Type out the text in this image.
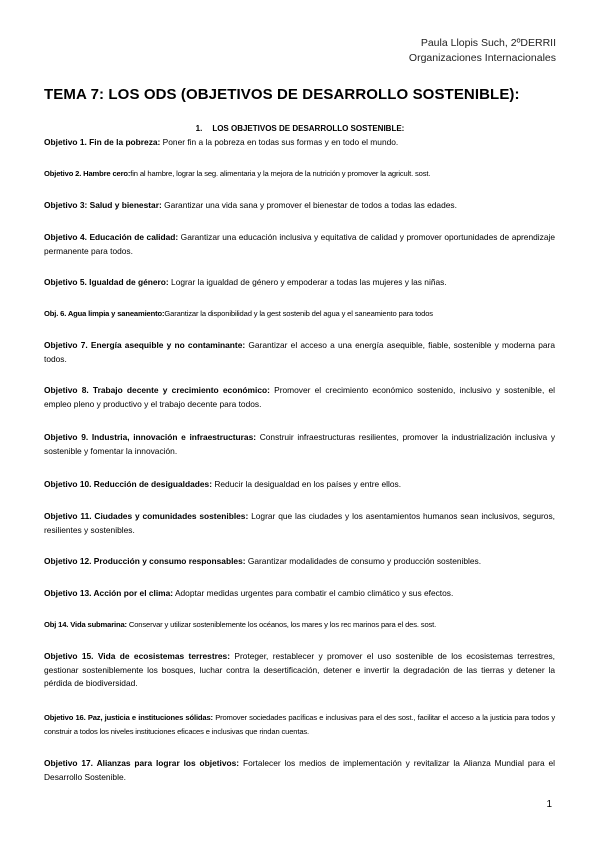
Paula Llopis Such, 2ºDERRII
Organizaciones Internacionales
TEMA 7: LOS ODS (OBJETIVOS DE DESARROLLO SOSTENIBLE):
1. LOS OBJETIVOS DE DESARROLLO SOSTENIBLE:

Objetivo 1. Fin de la pobreza: Poner fin a la pobreza en todas sus formas y en todo el mundo.

Objetivo 2. Hambre cero:fin al hambre, lograr la seg. alimentaria y la mejora de la nutrición y promover la agricult. sost.

Objetivo 3: Salud y bienestar: Garantizar una vida sana y promover el bienestar de todos a todas las edades.

Objetivo 4. Educación de calidad: Garantizar una educación inclusiva y equitativa de calidad y promover oportunidades de aprendizaje permanente para todos.

Objetivo 5. Igualdad de género: Lograr la igualdad de género y empoderar a todas las mujeres y las niñas.

Obj. 6. Agua limpia y saneamiento:Garantizar la disponibilidad y la gest sostenib del agua y el saneamiento para todos

Objetivo 7. Energía asequible y no contaminante: Garantizar el acceso a una energía asequible, fiable, sostenible y moderna para todos.

Objetivo 8. Trabajo decente y crecimiento económico: Promover el crecimiento económico sostenido, inclusivo y sostenible, el empleo pleno y productivo y el trabajo decente para todos.

Objetivo 9. Industria, innovación e infraestructuras: Construir infraestructuras resilientes, promover la industrialización inclusiva y sostenible y fomentar la innovación.

Objetivo 10. Reducción de desigualdades: Reducir la desigualdad en los países y entre ellos.

Objetivo 11. Ciudades y comunidades sostenibles: Lograr que las ciudades y los asentamientos humanos sean inclusivos, seguros, resilientes y sostenibles.

Objetivo 12. Producción y consumo responsables: Garantizar modalidades de consumo y producción sostenibles.

Objetivo 13. Acción por el clima: Adoptar medidas urgentes para combatir el cambio climático y sus efectos.

Obj 14. Vida submarina: Conservar y utilizar sosteniblemente los océanos, los mares y los rec marinos para el des. sost.

Objetivo 15. Vida de ecosistemas terrestres: Proteger, restablecer y promover el uso sostenible de los ecosistemas terrestres, gestionar sosteniblemente los bosques, luchar contra la desertificación, detener e invertir la degradación de las tierras y detener la pérdida de biodiversidad.

Objetivo 16. Paz, justicia e instituciones sólidas: Promover sociedades pacíficas e inclusivas para el des sost., facilitar el acceso a la justicia para todos y construir a todos los niveles instituciones eficaces e inclusivas que rindan cuentas.

Objetivo 17. Alianzas para lograr los objetivos: Fortalecer los medios de implementación y revitalizar la Alianza Mundial para el Desarrollo Sostenible.

1
